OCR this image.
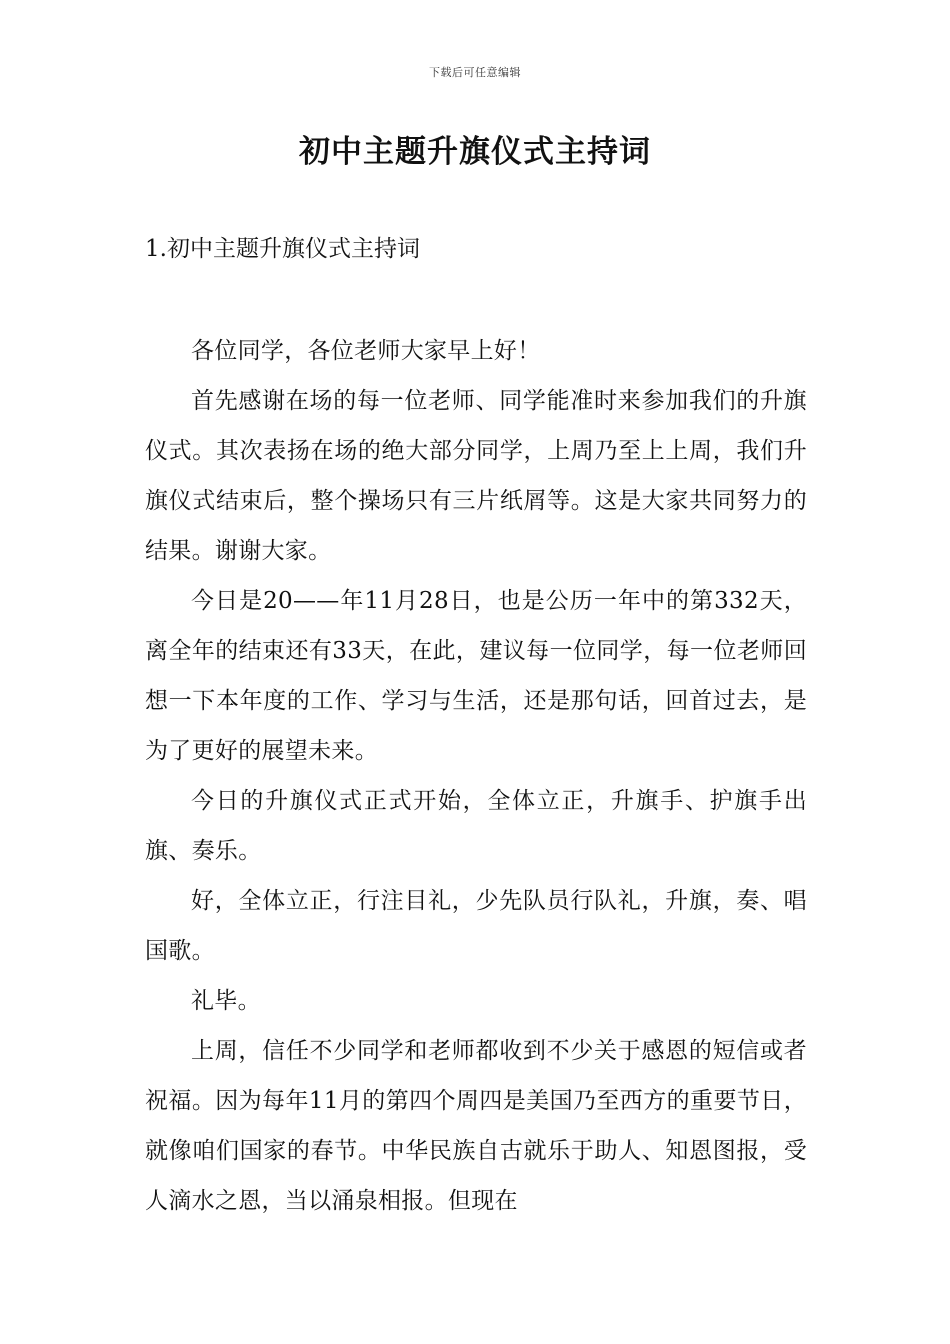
下载后可任意编辑
初中主题升旗仪式主持词
1.初中主题升旗仪式主持词

各位同学，各位老师大家早上好！

首先感谢在场的每一位老师、同学能准时来参加我们的升旗仪式。其次表扬在场的绝大部分同学，上周乃至上上周，我们升旗仪式结束后，整个操场只有三片纸屑等。这是大家共同努力的结果。谢谢大家。

今日是20——年11月28日，也是公历一年中的第332天，离全年的结束还有33天，在此，建议每一位同学，每一位老师回想一下本年度的工作、学习与生活，还是那句话，回首过去，是为了更好的展望未来。

今日的升旗仪式正式开始，全体立正，升旗手、护旗手出旗、奏乐。

好，全体立正，行注目礼，少先队员行队礼，升旗，奏、唱国歌。

礼毕。

上周，信任不少同学和老师都收到不少关于感恩的短信或者祝福。因为每年11月的第四个周四是美国乃至西方的重要节日，就像咱们国家的春节。中华民族自古就乐于助人、知恩图报，受人滴水之恩，当以涌泉相报。但现在
